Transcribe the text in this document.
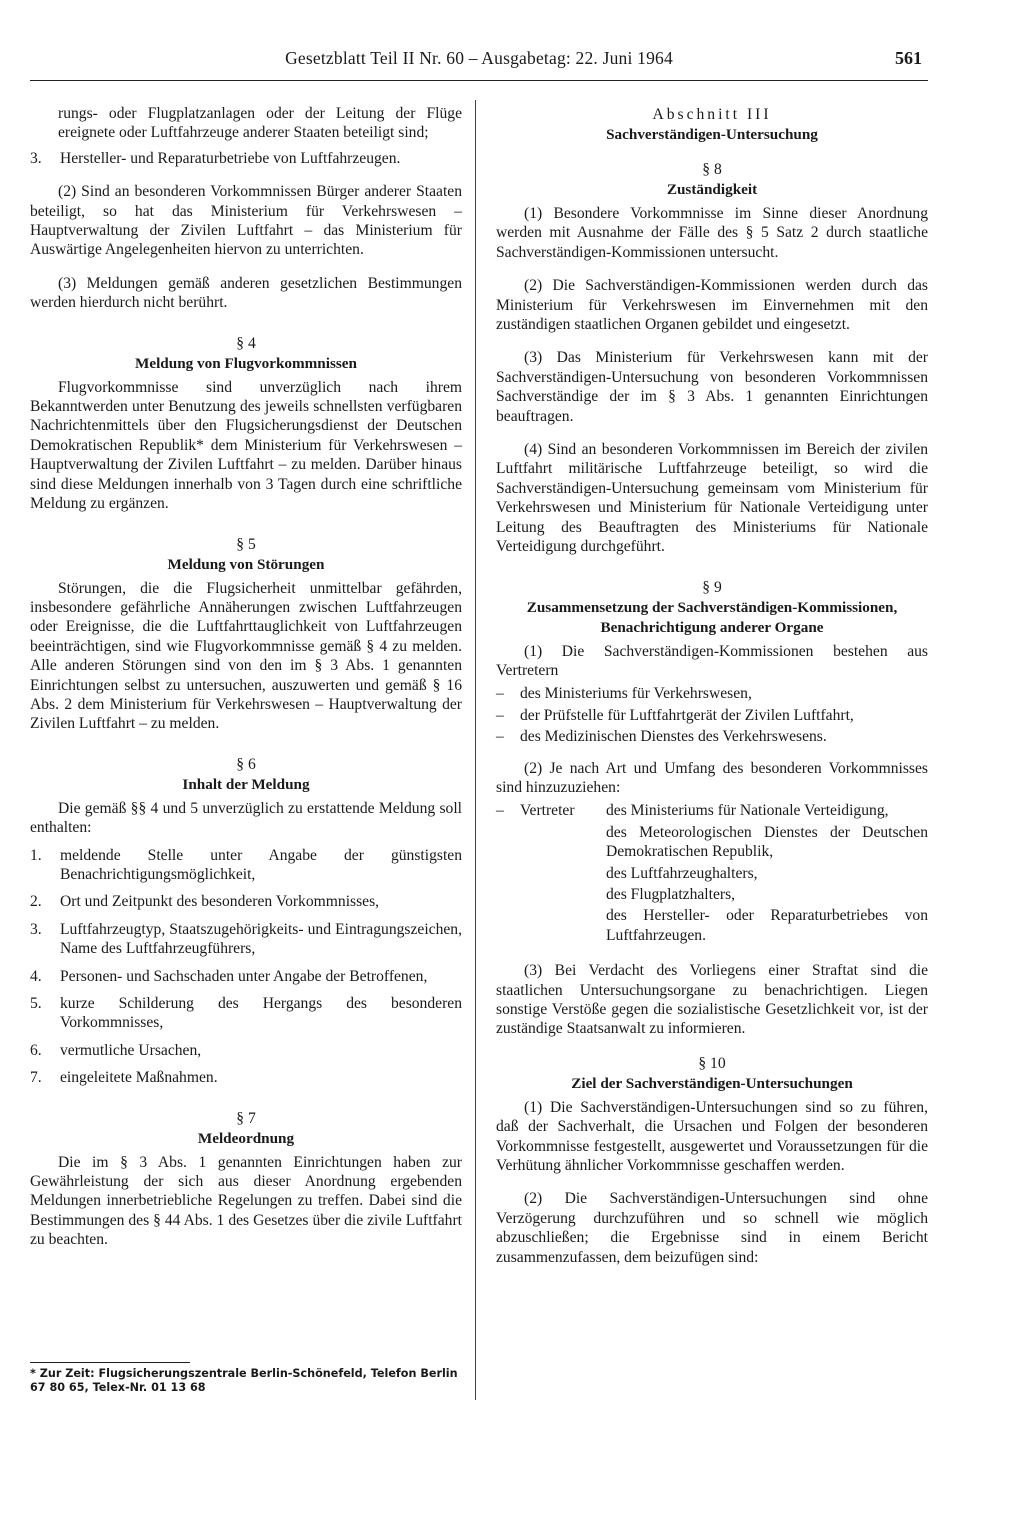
Gesetzblatt Teil II Nr. 60 – Ausgabetag: 22. Juni 1964	561

rungs- oder Flugplatzanlagen oder der Leitung der Flüge ereignete oder Luftfahrzeuge anderer Staaten beteiligt sind;

3.	Hersteller- und Reparaturbetriebe von Luftfahrzeugen.

(2) Sind an besonderen Vorkommnissen Bürger anderer Staaten beteiligt, so hat das Ministerium für Verkehrswesen – Hauptverwaltung der Zivilen Luftfahrt – das Ministerium für Auswärtige Angelegenheiten hiervon zu unterrichten.

(3) Meldungen gemäß anderen gesetzlichen Bestimmungen werden hierdurch nicht berührt.

§ 4

Meldung von Flugvorkommnissen

Flugvorkommnisse sind unverzüglich nach ihrem Bekanntwerden unter Benutzung des jeweils schnellsten verfügbaren Nachrichtenmittels über den Flugsicherungsdienst der Deutschen Demokratischen Republik* dem Ministerium für Verkehrswesen – Hauptverwaltung der Zivilen Luftfahrt – zu melden. Darüber hinaus sind diese Meldungen innerhalb von 3 Tagen durch eine schriftliche Meldung zu ergänzen.

§ 5

Meldung von Störungen

Störungen, die die Flugsicherheit unmittelbar gefährden, insbesondere gefährliche Annäherungen zwischen Luftfahrzeugen oder Ereignisse, die die Luftfahrttauglichkeit von Luftfahrzeugen beeinträchtigen, sind wie Flugvorkommnisse gemäß § 4 zu melden. Alle anderen Störungen sind von den im § 3 Abs. 1 genannten Einrichtungen selbst zu untersuchen, auszuwerten und gemäß § 16 Abs. 2 dem Ministerium für Verkehrswesen – Hauptverwaltung der Zivilen Luftfahrt – zu melden.

§ 6

Inhalt der Meldung

Die gemäß §§ 4 und 5 unverzüglich zu erstattende Meldung soll enthalten:

1.	meldende Stelle unter Angabe der günstigsten Benachrichtigungsmöglichkeit,
2.	Ort und Zeitpunkt des besonderen Vorkommnisses,
3.	Luftfahrzeugtyp, Staatszugehörigkeits- und Eintragungszeichen, Name des Luftfahrzeugführers,
4.	Personen- und Sachschaden unter Angabe der Betroffenen,
5.	kurze Schilderung des Hergangs des besonderen Vorkommnisses,
6.	vermutliche Ursachen,
7.	eingeleitete Maßnahmen.

§ 7

Meldeordnung

Die im § 3 Abs. 1 genannten Einrichtungen haben zur Gewährleistung der sich aus dieser Anordnung ergebenden Meldungen innerbetriebliche Regelungen zu treffen. Dabei sind die Bestimmungen des § 44 Abs. 1 des Gesetzes über die zivile Luftfahrt zu beachten.

* Zur Zeit: Flugsicherungszentrale Berlin-Schönefeld, Telefon Berlin 67 80 65, Telex-Nr. 01 13 68

Abschnitt III

Sachverständigen-Untersuchung

§ 8

Zuständigkeit

(1) Besondere Vorkommnisse im Sinne dieser Anordnung werden mit Ausnahme der Fälle des § 5 Satz 2 durch staatliche Sachverständigen-Kommissionen untersucht.

(2) Die Sachverständigen-Kommissionen werden durch das Ministerium für Verkehrswesen im Einvernehmen mit den zuständigen staatlichen Organen gebildet und eingesetzt.

(3) Das Ministerium für Verkehrswesen kann mit der Sachverständigen-Untersuchung von besonderen Vorkommnissen Sachverständige der im § 3 Abs. 1 genannten Einrichtungen beauftragen.

(4) Sind an besonderen Vorkommnissen im Bereich der zivilen Luftfahrt militärische Luftfahrzeuge beteiligt, so wird die Sachverständigen-Untersuchung gemeinsam vom Ministerium für Verkehrswesen und Ministerium für Nationale Verteidigung unter Leitung des Beauftragten des Ministeriums für Nationale Verteidigung durchgeführt.

§ 9

Zusammensetzung der Sachverständigen-Kommissionen,

Benachrichtigung anderer Organe

(1) Die Sachverständigen-Kommissionen bestehen aus Vertretern

–	des Ministeriums für Verkehrswesen,
–	der Prüfstelle für Luftfahrtgerät der Zivilen Luftfahrt,
–	des Medizinischen Dienstes des Verkehrswesens.

(2) Je nach Art und Umfang des besonderen Vorkommnisses sind hinzuzuziehen:

–	Vertreter	des Ministeriums für Nationale Verteidigung,
des Meteorologischen Dienstes der Deutschen Demokratischen Republik,
des Luftfahrzeughalters,
des Flugplatzhalters,
des Hersteller- oder Reparaturbetriebes von Luftfahrzeugen.

(3) Bei Verdacht des Vorliegens einer Straftat sind die staatlichen Untersuchungsorgane zu benachrichtigen. Liegen sonstige Verstöße gegen die sozialistische Gesetzlichkeit vor, ist der zuständige Staatsanwalt zu informieren.

§ 10

Ziel der Sachverständigen-Untersuchungen

(1) Die Sachverständigen-Untersuchungen sind so zu führen, daß der Sachverhalt, die Ursachen und Folgen der besonderen Vorkommnisse festgestellt, ausgewertet und Voraussetzungen für die Verhütung ähnlicher Vorkommnisse geschaffen werden.

(2) Die Sachverständigen-Untersuchungen sind ohne Verzögerung durchzuführen und so schnell wie möglich abzuschließen; die Ergebnisse sind in einem Bericht zusammenzufassen, dem beizufügen sind:
